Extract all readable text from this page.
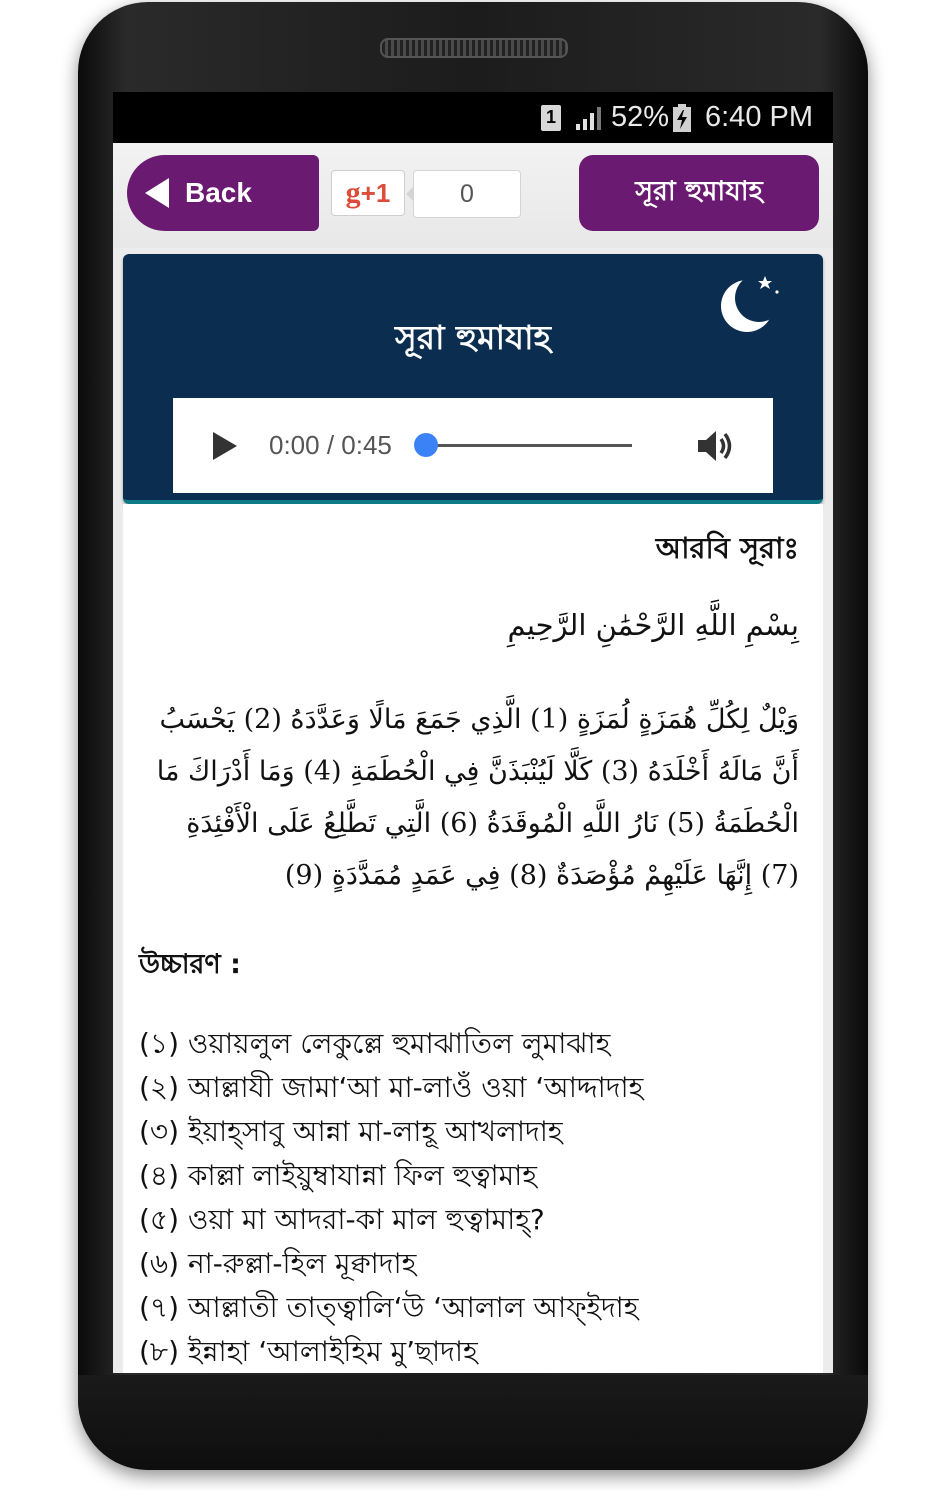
1 52% 6:40 PM
Back	g +1	0	সূরা হুমাযাহ
সূরা হুমাযাহ
0:00 / 0:45
আরবি সূরাঃ
بِسْمِ اللَّهِ الرَّحْمَٰنِ الرَّحِيمِ
وَيْلٌ لِكُلِّ هُمَزَةٍ لُمَزَةٍ (1) الَّذِي جَمَعَ مَالًا وَعَدَّدَهُ (2) يَحْسَبُ أَنَّ مَالَهُ أَخْلَدَهُ (3) كَلَّا لَيُنْبَذَنَّ فِي الْحُطَمَةِ (4) وَمَا أَدْرَاكَ مَا الْحُطَمَةُ (5) نَارُ اللَّهِ الْمُوقَدَةُ (6) الَّتِي تَطَّلِعُ عَلَى الْأَفْئِدَةِ (7) إِنَّهَا عَلَيْهِمْ مُؤْصَدَةٌ (8) فِي عَمَدٍ مُمَدَّدَةٍ (9)
উচ্চারণ :
(১) ওয়ায়লুল লেকুল্লে হুমাঝাতিল লুমাঝাহ
(২) আল্লাযী জামা‘আ মা-লাওঁ ওয়া ‘আদ্দাদাহ
(৩) ইয়াহ্‌সাবু আন্না মা-লাহূ আখলাদাহ
(৪) কাল্লা লাইয়ুম্বাযান্না ফিল হুত্বামাহ
(৫) ওয়া মা আদরা-কা মাল হুত্বামাহ্?
(৬) না-রুল্লা-হিল মূক্বাদাহ
(৭) আল্লাতী তাত্ত্বালি‘উ ‘আলাল আফ্‌ইদাহ
(৮) ইন্নাহা ‘আলাইহিম মু’ছাদাহ
